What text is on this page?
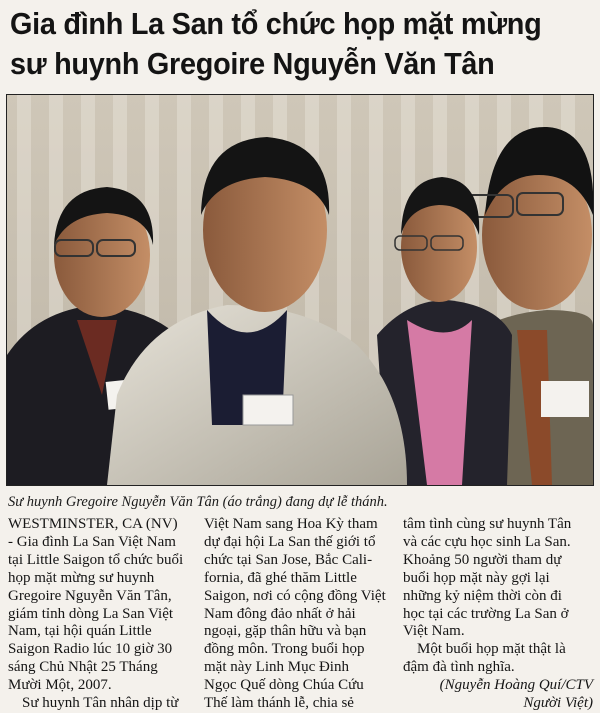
Gia đình La San tổ chức họp mặt mừng
sư huynh Gregoire Nguyễn Văn Tân
Sư huynh Gregoire Nguyễn Văn Tân (áo trắng) đang dự lễ thánh.
WESTMINSTER, CA (NV)
- Gia đình La San Việt Nam
tại Little Saigon tổ chức buổi
họp mặt mừng sư huynh
Gregoire Nguyễn Văn Tân,
giám tỉnh dòng La San Việt
Nam, tại hội quán Little
Saigon Radio lúc 10 giờ 30
sáng Chủ Nhật 25 Tháng
Mười Một, 2007.
Sư huynh Tân nhân dịp từ
Việt Nam sang Hoa Kỳ tham
dự đại hội La San thế giới tổ
chức tại San Jose, Bắc Cali-
fornia, đã ghé thăm Little
Saigon, nơi có cộng đồng Việt
Nam đông đảo nhất ở hải
ngoại, gặp thân hữu và bạn
đồng môn. Trong buổi họp
mặt này Linh Mục Đinh
Ngọc Quế dòng Chúa Cứu
Thế làm thánh lễ, chia sẻ
tâm tình cùng sư huynh Tân
và các cựu học sinh La San.
Khoảng 50 người tham dự
buổi họp mặt này gợi lại
những kỷ niệm thời còn đi
học tại các trường La San ở
Việt Nam.
Một buổi họp mặt thật là
đậm đà tình nghĩa.
(Nguyễn Hoàng Quí/CTV
Người Việt)
